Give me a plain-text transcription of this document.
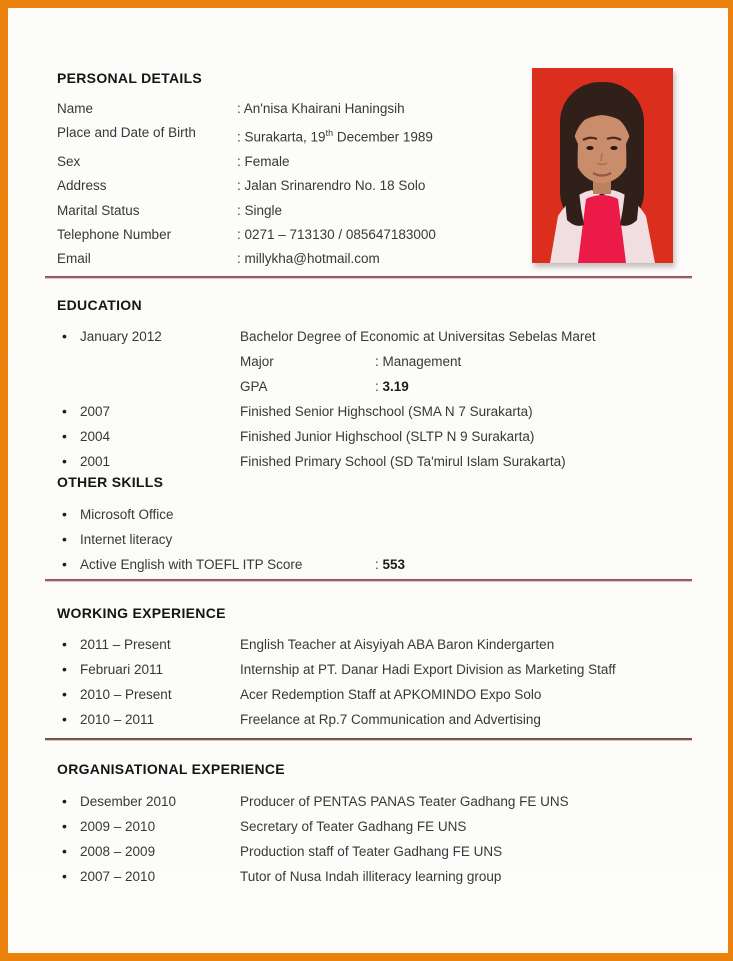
PERSONAL DETAILS
Name	: An'nisa Khairani Haningsih
Place and Date of Birth	: Surakarta, 19th December 1989
Sex	: Female
Address	: Jalan Srinarendro No. 18 Solo
Marital Status	: Single
Telephone Number	: 0271 – 713130 / 085647183000
Email	: millykha@hotmail.com
EDUCATION
• January 2012	Bachelor Degree of Economic at Universitas Sebelas Maret
Major	: Management
GPA	: 3.19
• 2007	Finished Senior Highschool (SMA N 7 Surakarta)
• 2004	Finished Junior Highschool (SLTP N 9 Surakarta)
• 2001	Finished Primary School (SD Ta'mirul Islam Surakarta)
OTHER SKILLS
• Microsoft Office
• Internet literacy
• Active English with TOEFL ITP Score	: 553
WORKING EXPERIENCE
• 2011 – Present	English Teacher at Aisyiyah ABA Baron Kindergarten
• Februari 2011	Internship at PT. Danar Hadi Export Division as Marketing Staff
• 2010 – Present	Acer Redemption Staff at APKOMINDO Expo Solo
• 2010 – 2011	Freelance at Rp.7 Communication and Advertising
ORGANISATIONAL EXPERIENCE
• Desember 2010	Producer of PENTAS PANAS Teater Gadhang FE UNS
• 2009 – 2010	Secretary of Teater Gadhang FE UNS
• 2008 – 2009	Production staff of Teater Gadhang FE UNS
• 2007 – 2010	Tutor of Nusa Indah illiteracy learning group
